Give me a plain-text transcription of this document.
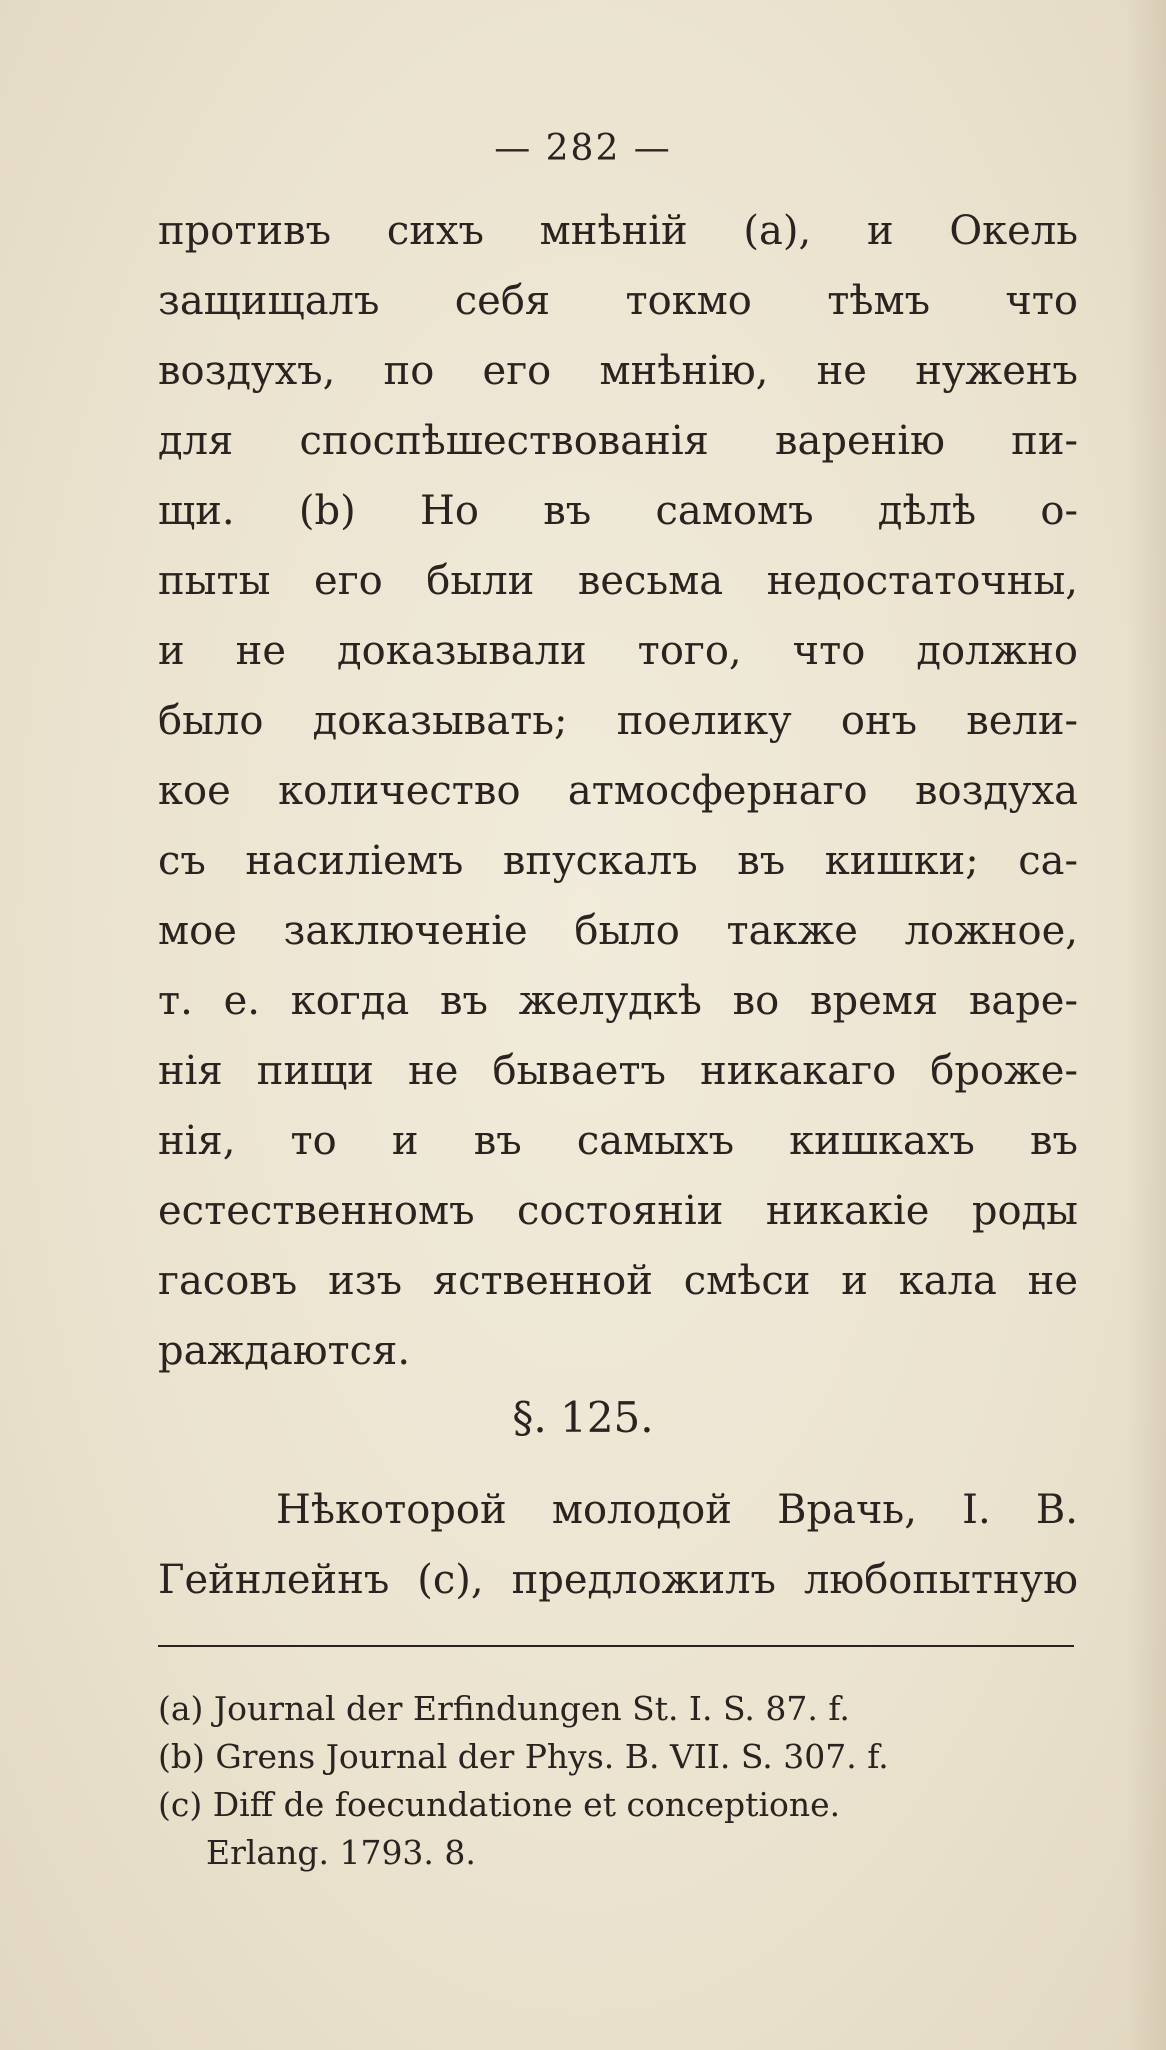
— 282 —
противъ сихъ мнѣній (а), и Окель
защищалъ себя токмо тѣмъ что
воздухъ, по его мнѣнію, не нуженъ
для споспѣшествованія варенію пи-
щи. (b) Но въ самомъ дѣлѣ о-
пыты его были весьма недостаточны,
и не доказывали того, что должно
было доказывать; поелику онъ вели-
кое количество атмосфернаго воздуха
съ насиліемъ впускалъ въ кишки; са-
мое заключеніе было также ложное,
т. е. когда въ желудкѣ во время варе-
нія пищи не бываетъ никакаго броже-
нія, то и въ самыхъ кишкахъ въ
естественномъ состояніи никакіе роды
гасовъ изъ яственной смѣси и кала не
раждаются.
§. 125.
Нѣкоторой молодой Врачь, I. B.
Гейнлейнъ (с), предложилъ любопытную
(a) Journal der Erfindungen St. I. S. 87. f.
(b) Grens Journal der Phys. B. VII. S. 307. f.
(c) Diff de foecundatione et conceptione.
Erlang. 1793. 8.
